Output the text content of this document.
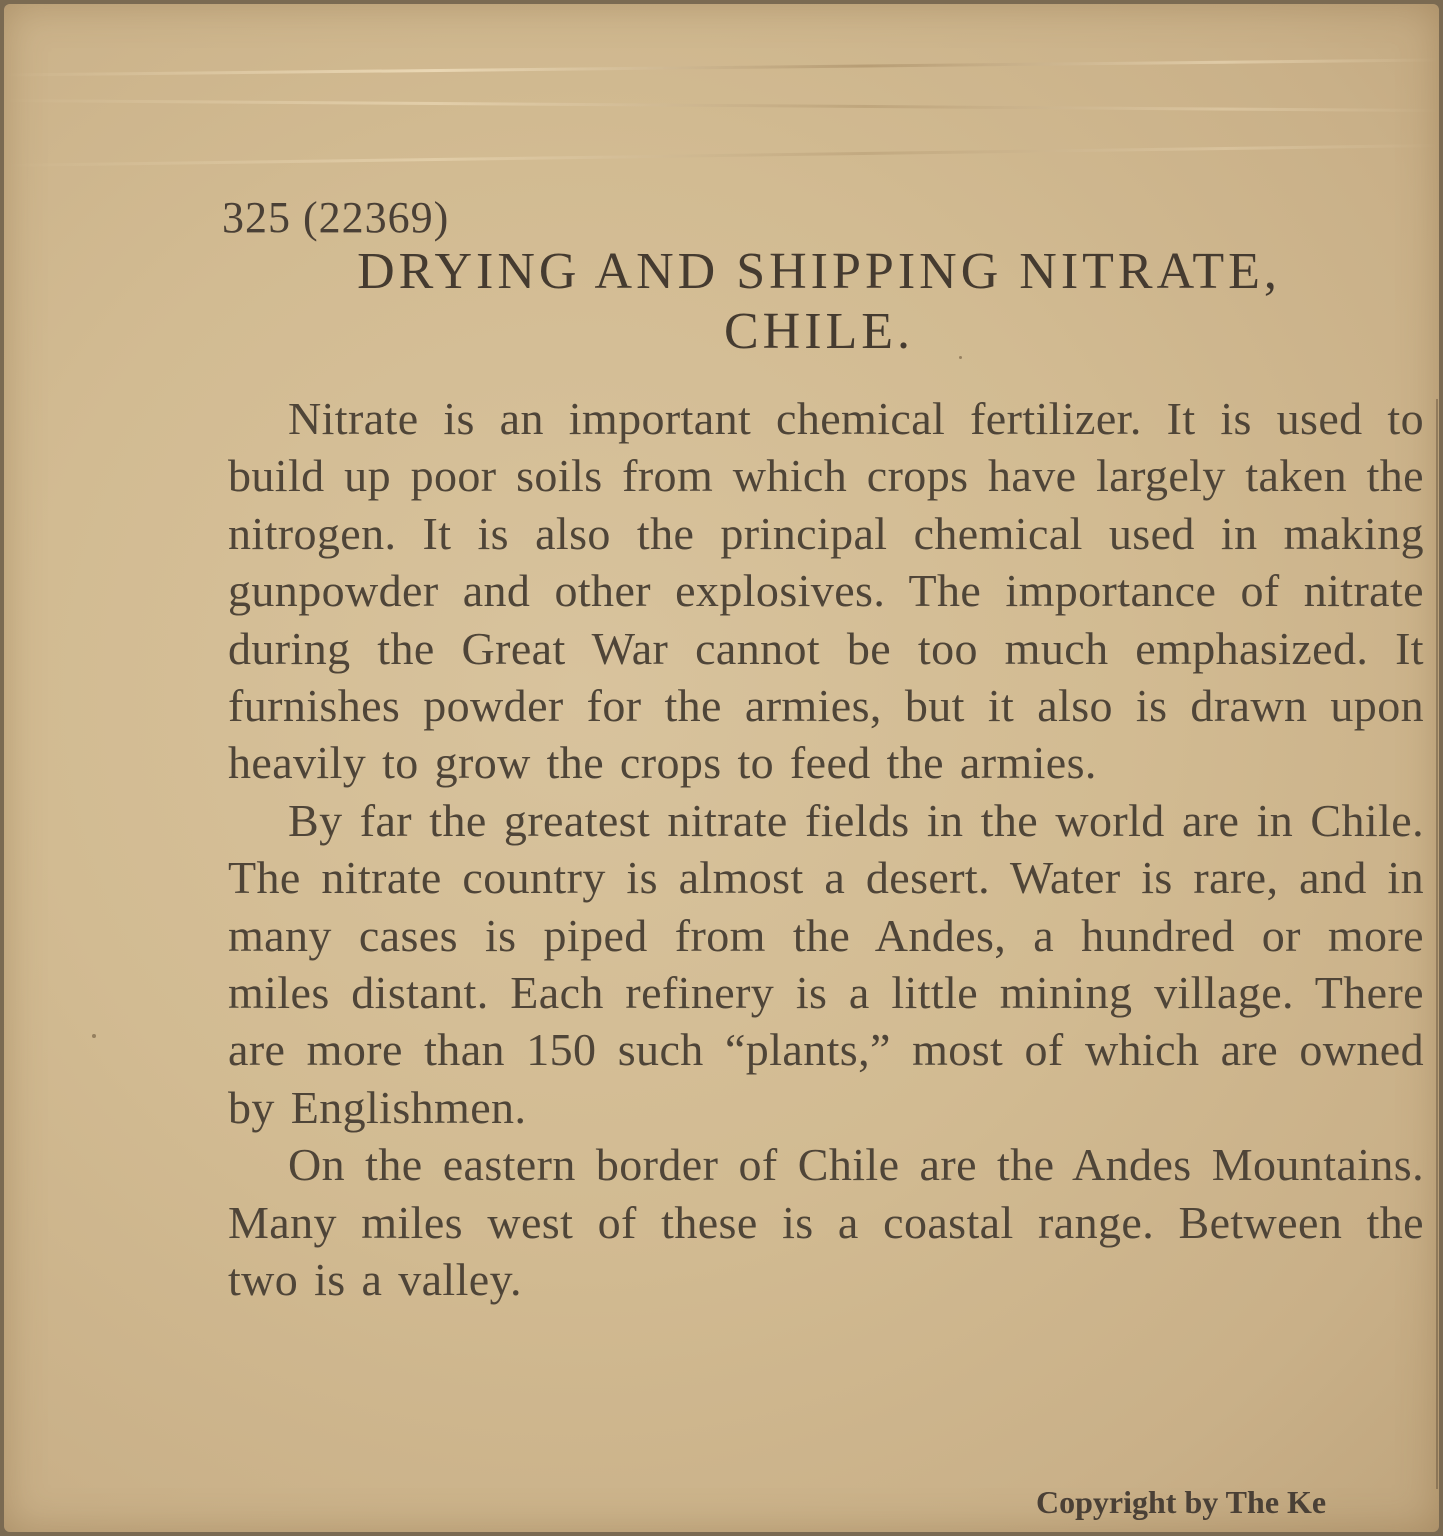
325 (22369)
DRYING AND SHIPPING NITRATE,
CHILE.

Nitrate is an important chemical fertilizer. It is used to build up poor soils from which crops have largely taken the nitrogen. It is also the principal chemical used in making gunpowder and other explosives. The importance of nitrate during the Great War cannot be too much emphasized. It furnishes powder for the armies, but it also is drawn upon heavily to grow the crops to feed the armies.

By far the greatest nitrate fields in the world are in Chile. The nitrate country is almost a desert. Water is rare, and in many cases is piped from the Andes, a hundred or more miles distant. Each refinery is a little mining village. There are more than 150 such “plants,” most of which are owned by Englishmen.

On the eastern border of Chile are the Andes Mountains. Many miles west of these is a coastal range. Between the two is a valley.

Copyright by The Ke
